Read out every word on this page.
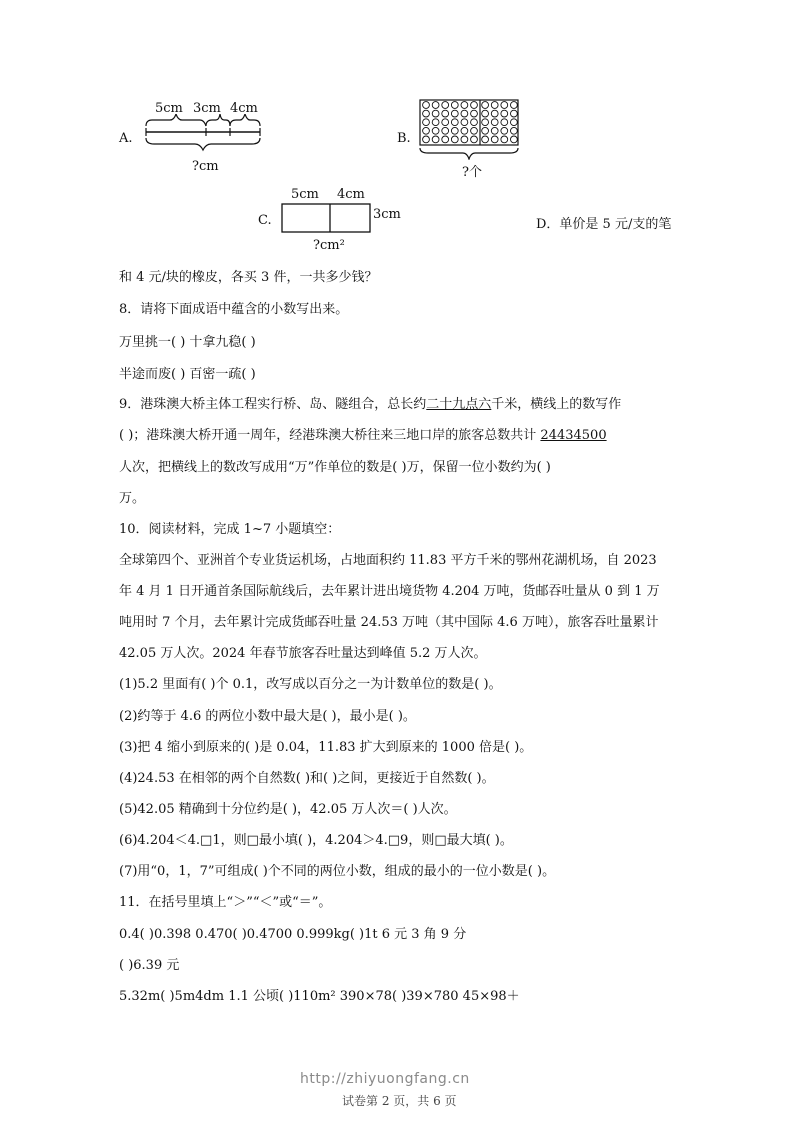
A.
5cm 3cm 4cm
?cm
B.
?个
C.
5cm 4cm
3cm
?cm²
D．单价是 5 元/支的笔
和 4 元/块的橡皮，各买 3 件，一共多少钱？
8．请将下面成语中蕴含的小数写出来。
万里挑一( ) 十拿九稳( )
半途而废( ) 百密一疏( )
9．港珠澳大桥主体工程实行桥、岛、隧组合，总长约二十九点六千米，横线上的数写作
( )；港珠澳大桥开通一周年，经港珠澳大桥往来三地口岸的旅客总数共计 24434500
人次，把横线上的数改写成用“万”作单位的数是( )万，保留一位小数约为( )
万。
10．阅读材料，完成 1~7 小题填空：
全球第四个、亚洲首个专业货运机场，占地面积约 11.83 平方千米的鄂州花湖机场，自 2023
年 4 月 1 日开通首条国际航线后，去年累计进出境货物 4.204 万吨，货邮吞吐量从 0 到 1 万
吨用时 7 个月，去年累计完成货邮吞吐量 24.53 万吨（其中国际 4.6 万吨），旅客吞吐量累计
42.05 万人次。2024 年春节旅客吞吐量达到峰值 5.2 万人次。
(1)5.2 里面有( )个 0.1，改写成以百分之一为计数单位的数是( )。
(2)约等于 4.6 的两位小数中最大是( )，最小是( )。
(3)把 4 缩小到原来的( )是 0.04，11.83 扩大到原来的 1000 倍是( )。
(4)24.53 在相邻的两个自然数( )和( )之间，更接近于自然数( )。
(5)42.05 精确到十分位约是( )，42.05 万人次＝( )人次。
(6)4.204＜4.□1，则□最小填( )，4.204＞4.□9，则□最大填( )。
(7)用“0，1，7”可组成( )个不同的两位小数，组成的最小的一位小数是( )。
11．在括号里填上“＞”“＜”或“＝”。
0.4( )0.398 0.470( )0.4700 0.999kg( )1t 6 元 3 角 9 分
( )6.39 元
5.32m( )5m4dm 1.1 公顷( )110m² 390×78( )39×780 45×98＋
http://zhiyuongfang.cn
试卷第 2 页，共 6 页
